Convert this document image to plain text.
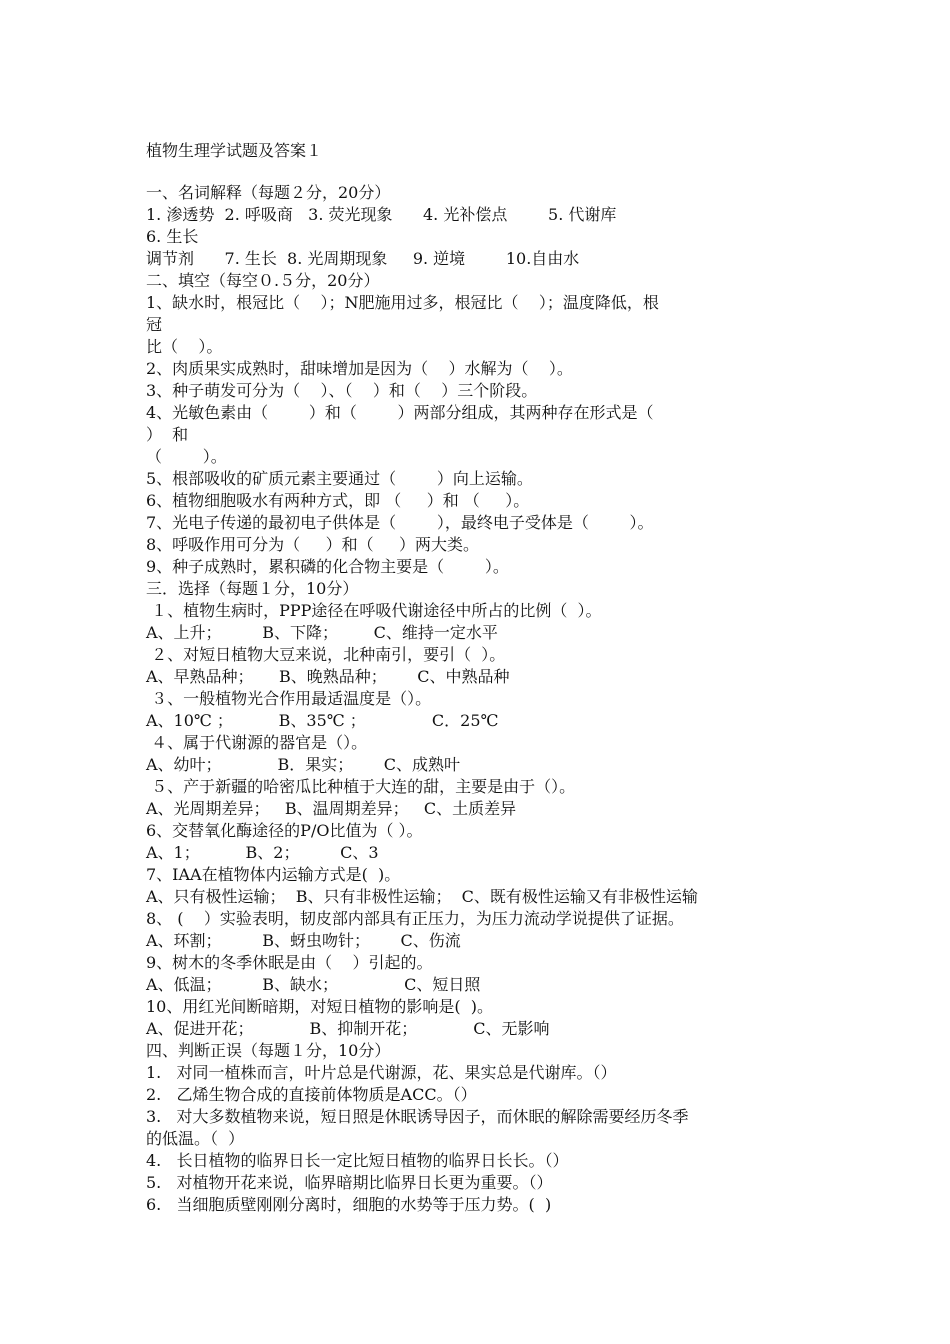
植物生理学试题及答案１
一、名词解释（每题２分，20分）
1. 渗透势  2. 呼吸商   3. 荧光现象      4. 光补偿点        5. 代谢库
6. 生长
调节剂      7. 生长  8. 光周期现象     9. 逆境        10.自由水
二、填空（每空０.５分，20分）
1、缺水时，根冠比（    ）；N肥施用过多，根冠比（    ）；温度降低，根
冠
比（    ）。
2、肉质果实成熟时，甜味增加是因为（    ）水解为（    ）。
3、种子萌发可分为（    ）、（    ）和（    ）三个阶段。
4、光敏色素由（        ）和（        ）两部分组成，其两种存在形式是（
）  和
（        ）。
5、根部吸收的矿质元素主要通过（        ）向上运输。
6、植物细胞吸水有两种方式，即 （     ）和 （     ）。
7、光电子传递的最初电子供体是（        ），最终电子受体是（        ）。
8、呼吸作用可分为（     ）和（     ）两大类。
9、种子成熟时，累积磷的化合物主要是（        ）。
三．选择（每题１分，10分）
１、植物生病时，PPP途径在呼吸代谢途径中所占的比例（  ）。
A、上升；        B、下降；       C、维持一定水平
２、对短日植物大豆来说，北种南引，要引（  ）。
A、早熟品种；     B、晚熟品种；      C、中熟品种
３、一般植物光合作用最适温度是（）。
A、10℃ ；         B、35℃ ；             C．25℃
４、属于代谢源的器官是（）。
A、幼叶；           B．果实；      C、成熟叶
５、产于新疆的哈密瓜比种植于大连的甜，主要是由于（）。
A、光周期差异；   B、温周期差异；   C、土质差异
6、交替氧化酶途径的P/O比值为（ ）。
A、1；         B、2；        C、3
7、IAA在植物体内运输方式是(  )。
A、只有极性运输；  B、只有非极性运输；  C、既有极性运输又有非极性运输
8、 (    ）实验表明，韧皮部内部具有正压力，为压力流动学说提供了证据。
A、环割；        B、蚜虫吻针；      C、伤流
9、树木的冬季休眠是由（    ）引起的。
A、低温；        B、缺水；             C、短日照
10、用红光间断暗期，对短日植物的影响是(  )。
A、促进开花；           B、抑制开花；           C、无影响
四、判断正误（每题１分，10分）
1.   对同一植株而言，叶片总是代谢源，花、果实总是代谢库。（）
2.   乙烯生物合成的直接前体物质是ACC。（）
3.   对大多数植物来说，短日照是休眠诱导因子，而休眠的解除需要经历冬季
的低温。（  ）
4.   长日植物的临界日长一定比短日植物的临界日长长。（）
5.   对植物开花来说，临界暗期比临界日长更为重要。（）
6.   当细胞质壁刚刚分离时，细胞的水势等于压力势。(  )
